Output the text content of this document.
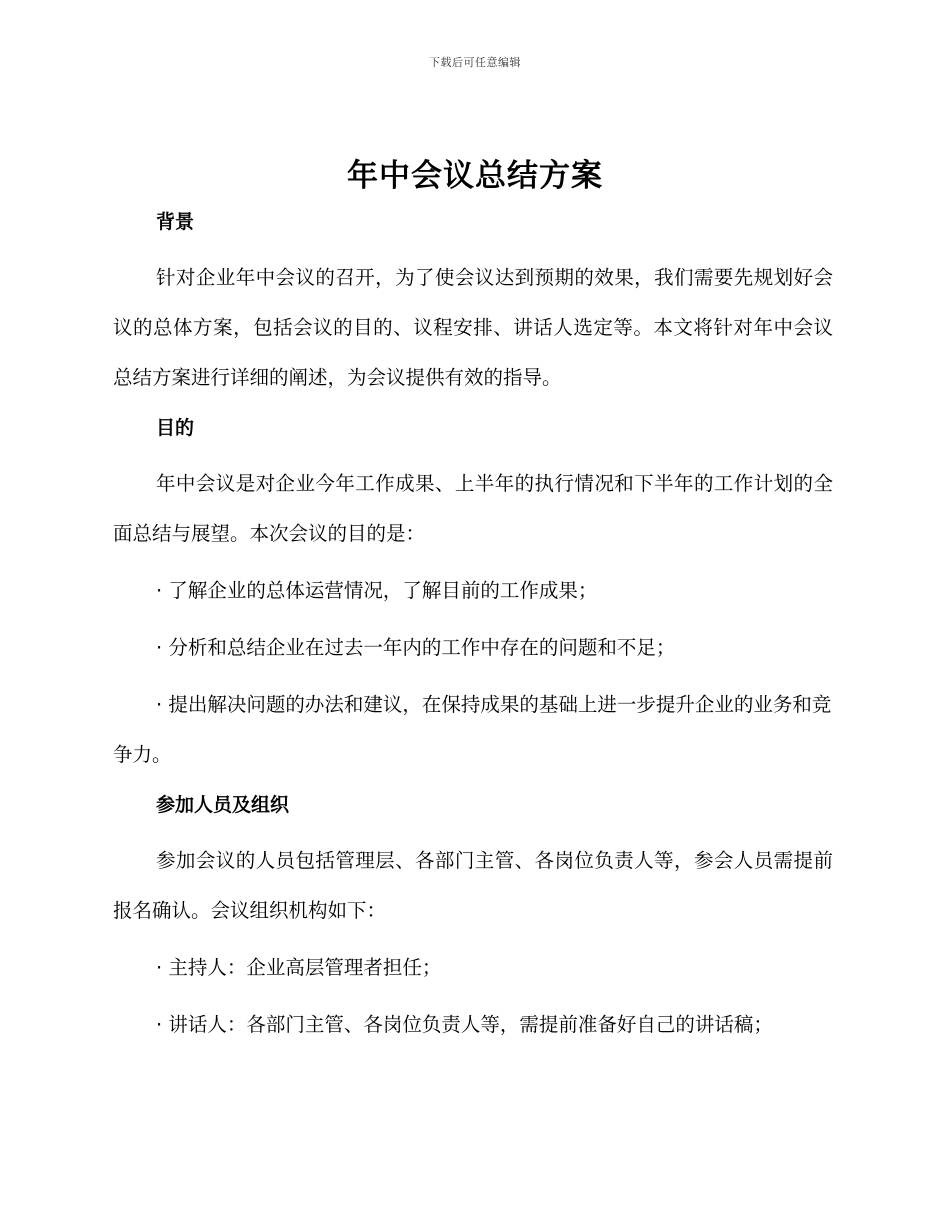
下载后可任意编辑
年中会议总结方案
背景

针对企业年中会议的召开，为了使会议达到预期的效果，我们需要先规划好会议的总体方案，包括会议的目的、议程安排、讲话人选定等。本文将针对年中会议总结方案进行详细的阐述，为会议提供有效的指导。

目的

年中会议是对企业今年工作成果、上半年的执行情况和下半年的工作计划的全面总结与展望。本次会议的目的是：

· 了解企业的总体运营情况，了解目前的工作成果；

· 分析和总结企业在过去一年内的工作中存在的问题和不足；

· 提出解决问题的办法和建议，在保持成果的基础上进一步提升企业的业务和竞争力。

参加人员及组织

参加会议的人员包括管理层、各部门主管、各岗位负责人等，参会人员需提前报名确认。会议组织机构如下：

· 主持人：企业高层管理者担任；

· 讲话人：各部门主管、各岗位负责人等，需提前准备好自己的讲话稿；
